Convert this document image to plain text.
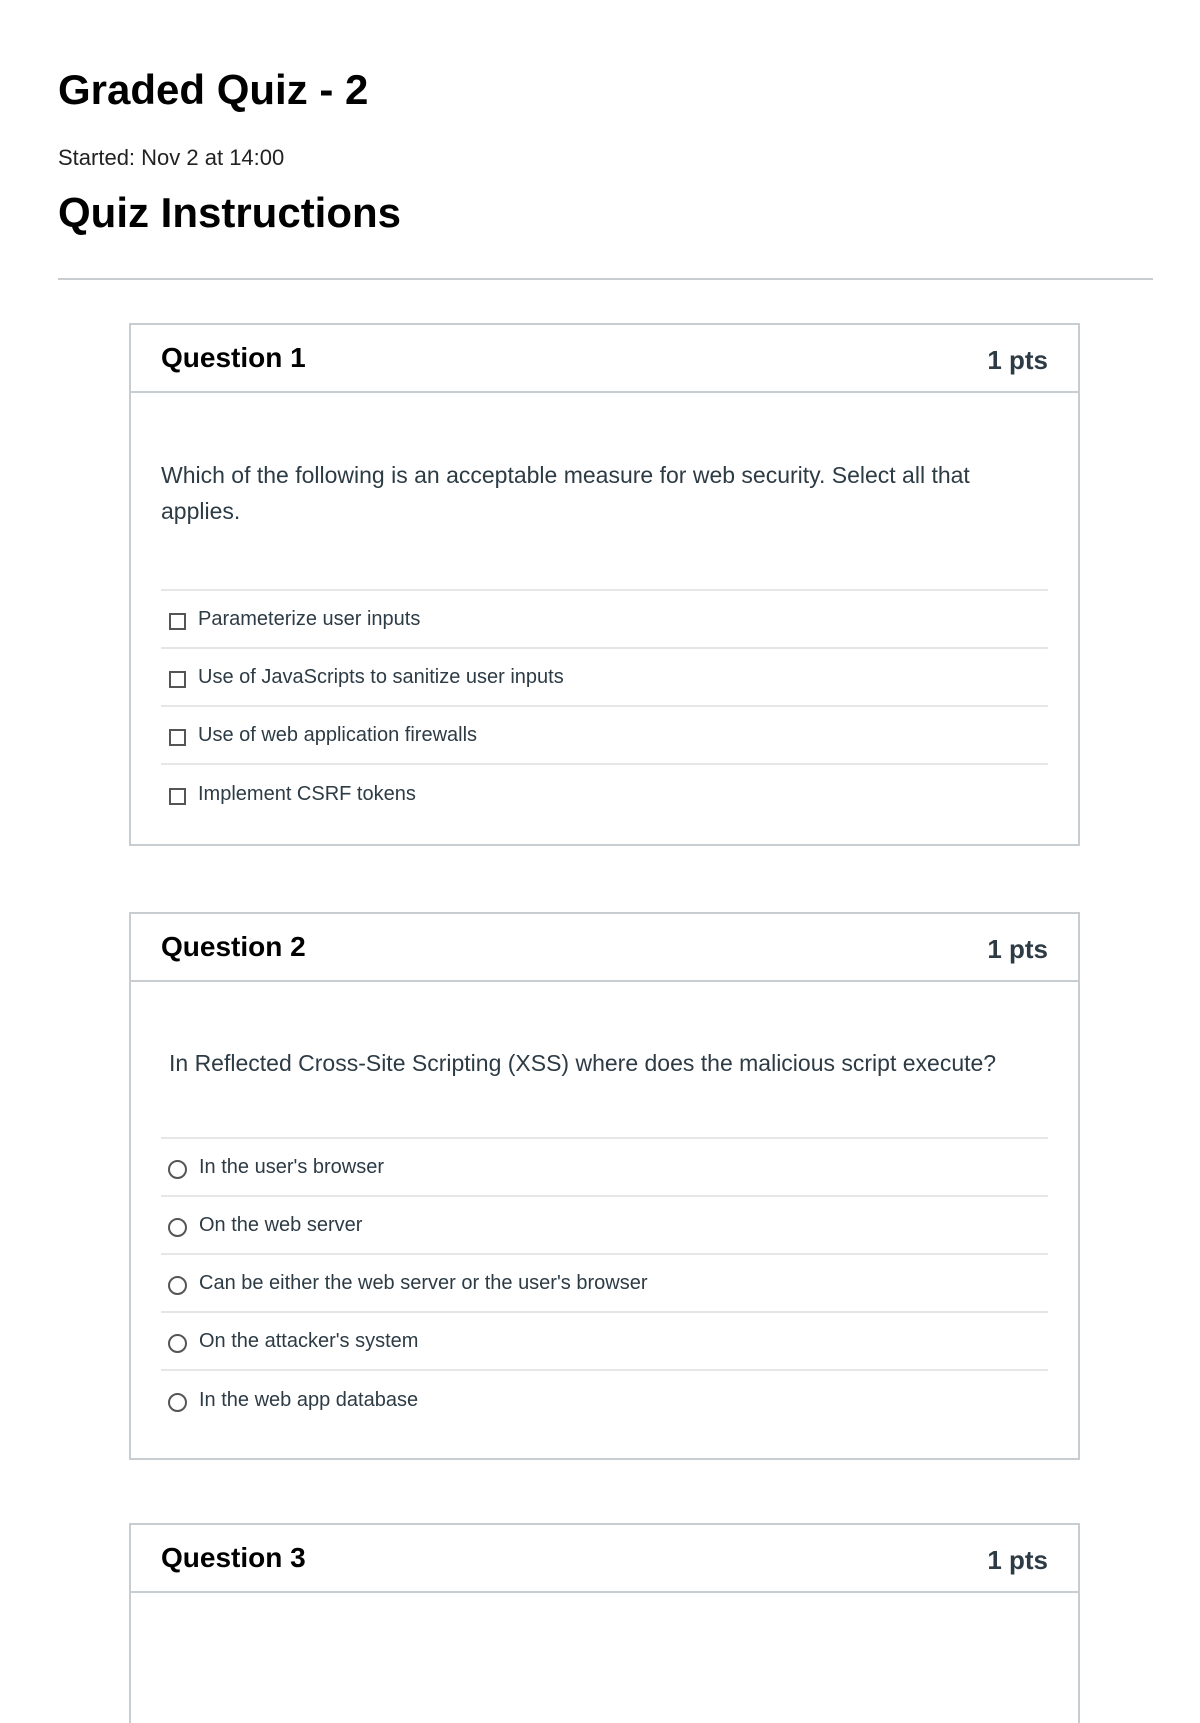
Graded Quiz - 2
Started: Nov 2 at 14:00
Quiz Instructions
Question 1	1 pts
Which of the following is an acceptable measure for web security. Select all that applies.
Parameterize user inputs
Use of JavaScripts to sanitize user inputs
Use of web application firewalls
Implement CSRF tokens
Question 2	1 pts
In Reflected Cross-Site Scripting (XSS) where does the malicious script execute?
In the user's browser
On the web server
Can be either the web server or the user's browser
On the attacker's system
In the web app database
Question 3	1 pts
